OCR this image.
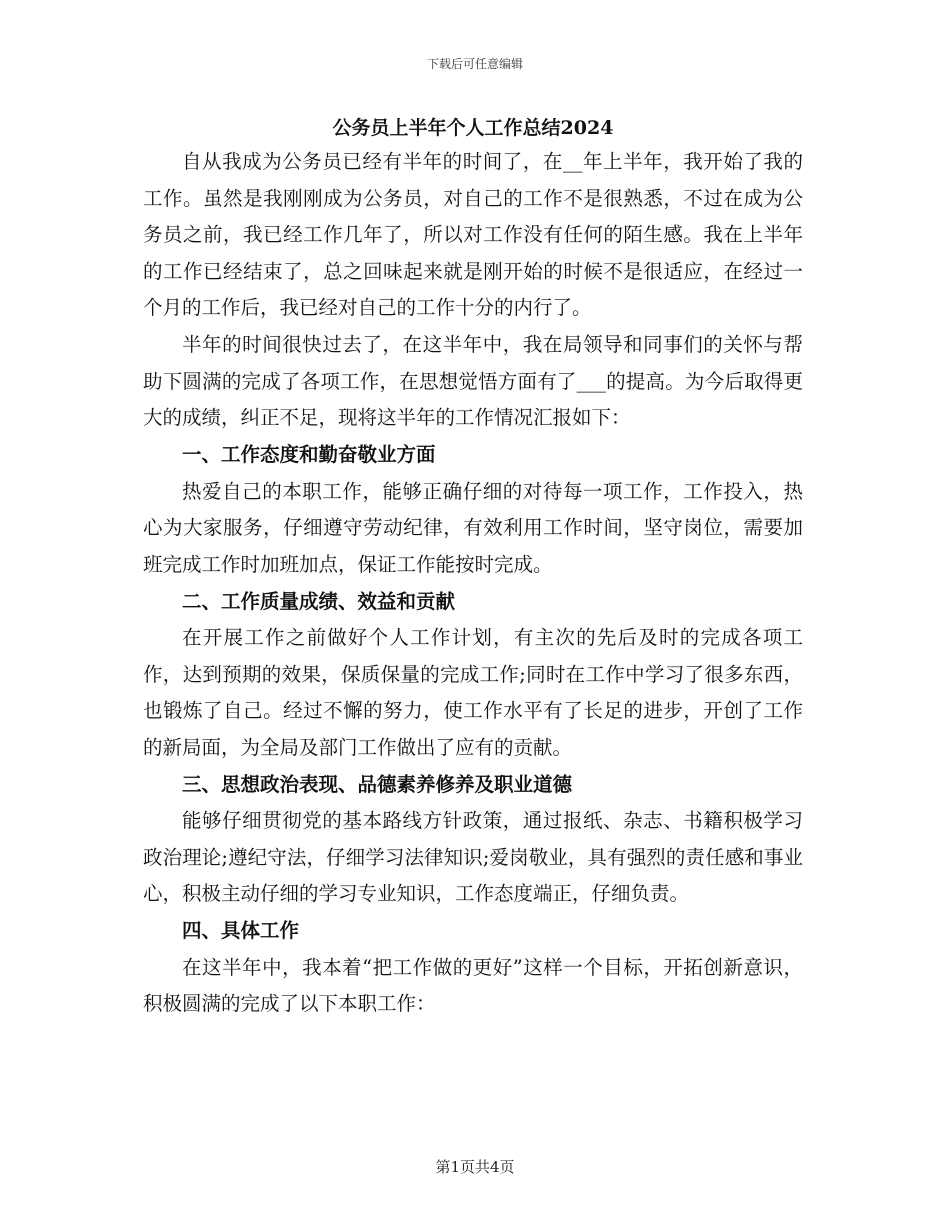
下载后可任意编辑
公务员上半年个人工作总结2024

自从我成为公务员已经有半年的时间了，在__年上半年，我开始了我的工作。虽然是我刚刚成为公务员，对自己的工作不是很熟悉，不过在成为公务员之前，我已经工作几年了，所以对工作没有任何的陌生感。我在上半年的工作已经结束了，总之回味起来就是刚开始的时候不是很适应，在经过一个月的工作后，我已经对自己的工作十分的内行了。

半年的时间很快过去了，在这半年中，我在局领导和同事们的关怀与帮助下圆满的完成了各项工作，在思想觉悟方面有了___的提高。为今后取得更大的成绩，纠正不足，现将这半年的工作情况汇报如下：

一、工作态度和勤奋敬业方面

热爱自己的本职工作，能够正确仔细的对待每一项工作，工作投入，热心为大家服务，仔细遵守劳动纪律，有效利用工作时间，坚守岗位，需要加班完成工作时加班加点，保证工作能按时完成。

二、工作质量成绩、效益和贡献

在开展工作之前做好个人工作计划，有主次的先后及时的完成各项工作，达到预期的效果，保质保量的完成工作;同时在工作中学习了很多东西，也锻炼了自己。经过不懈的努力，使工作水平有了长足的进步，开创了工作的新局面，为全局及部门工作做出了应有的贡献。

三、思想政治表现、品德素养修养及职业道德

能够仔细贯彻党的基本路线方针政策，通过报纸、杂志、书籍积极学习政治理论;遵纪守法，仔细学习法律知识;爱岗敬业，具有强烈的责任感和事业心，积极主动仔细的学习专业知识，工作态度端正，仔细负责。

四、具体工作

在这半年中，我本着“把工作做的更好”这样一个目标，开拓创新意识，积极圆满的完成了以下本职工作：

第1页共4页
